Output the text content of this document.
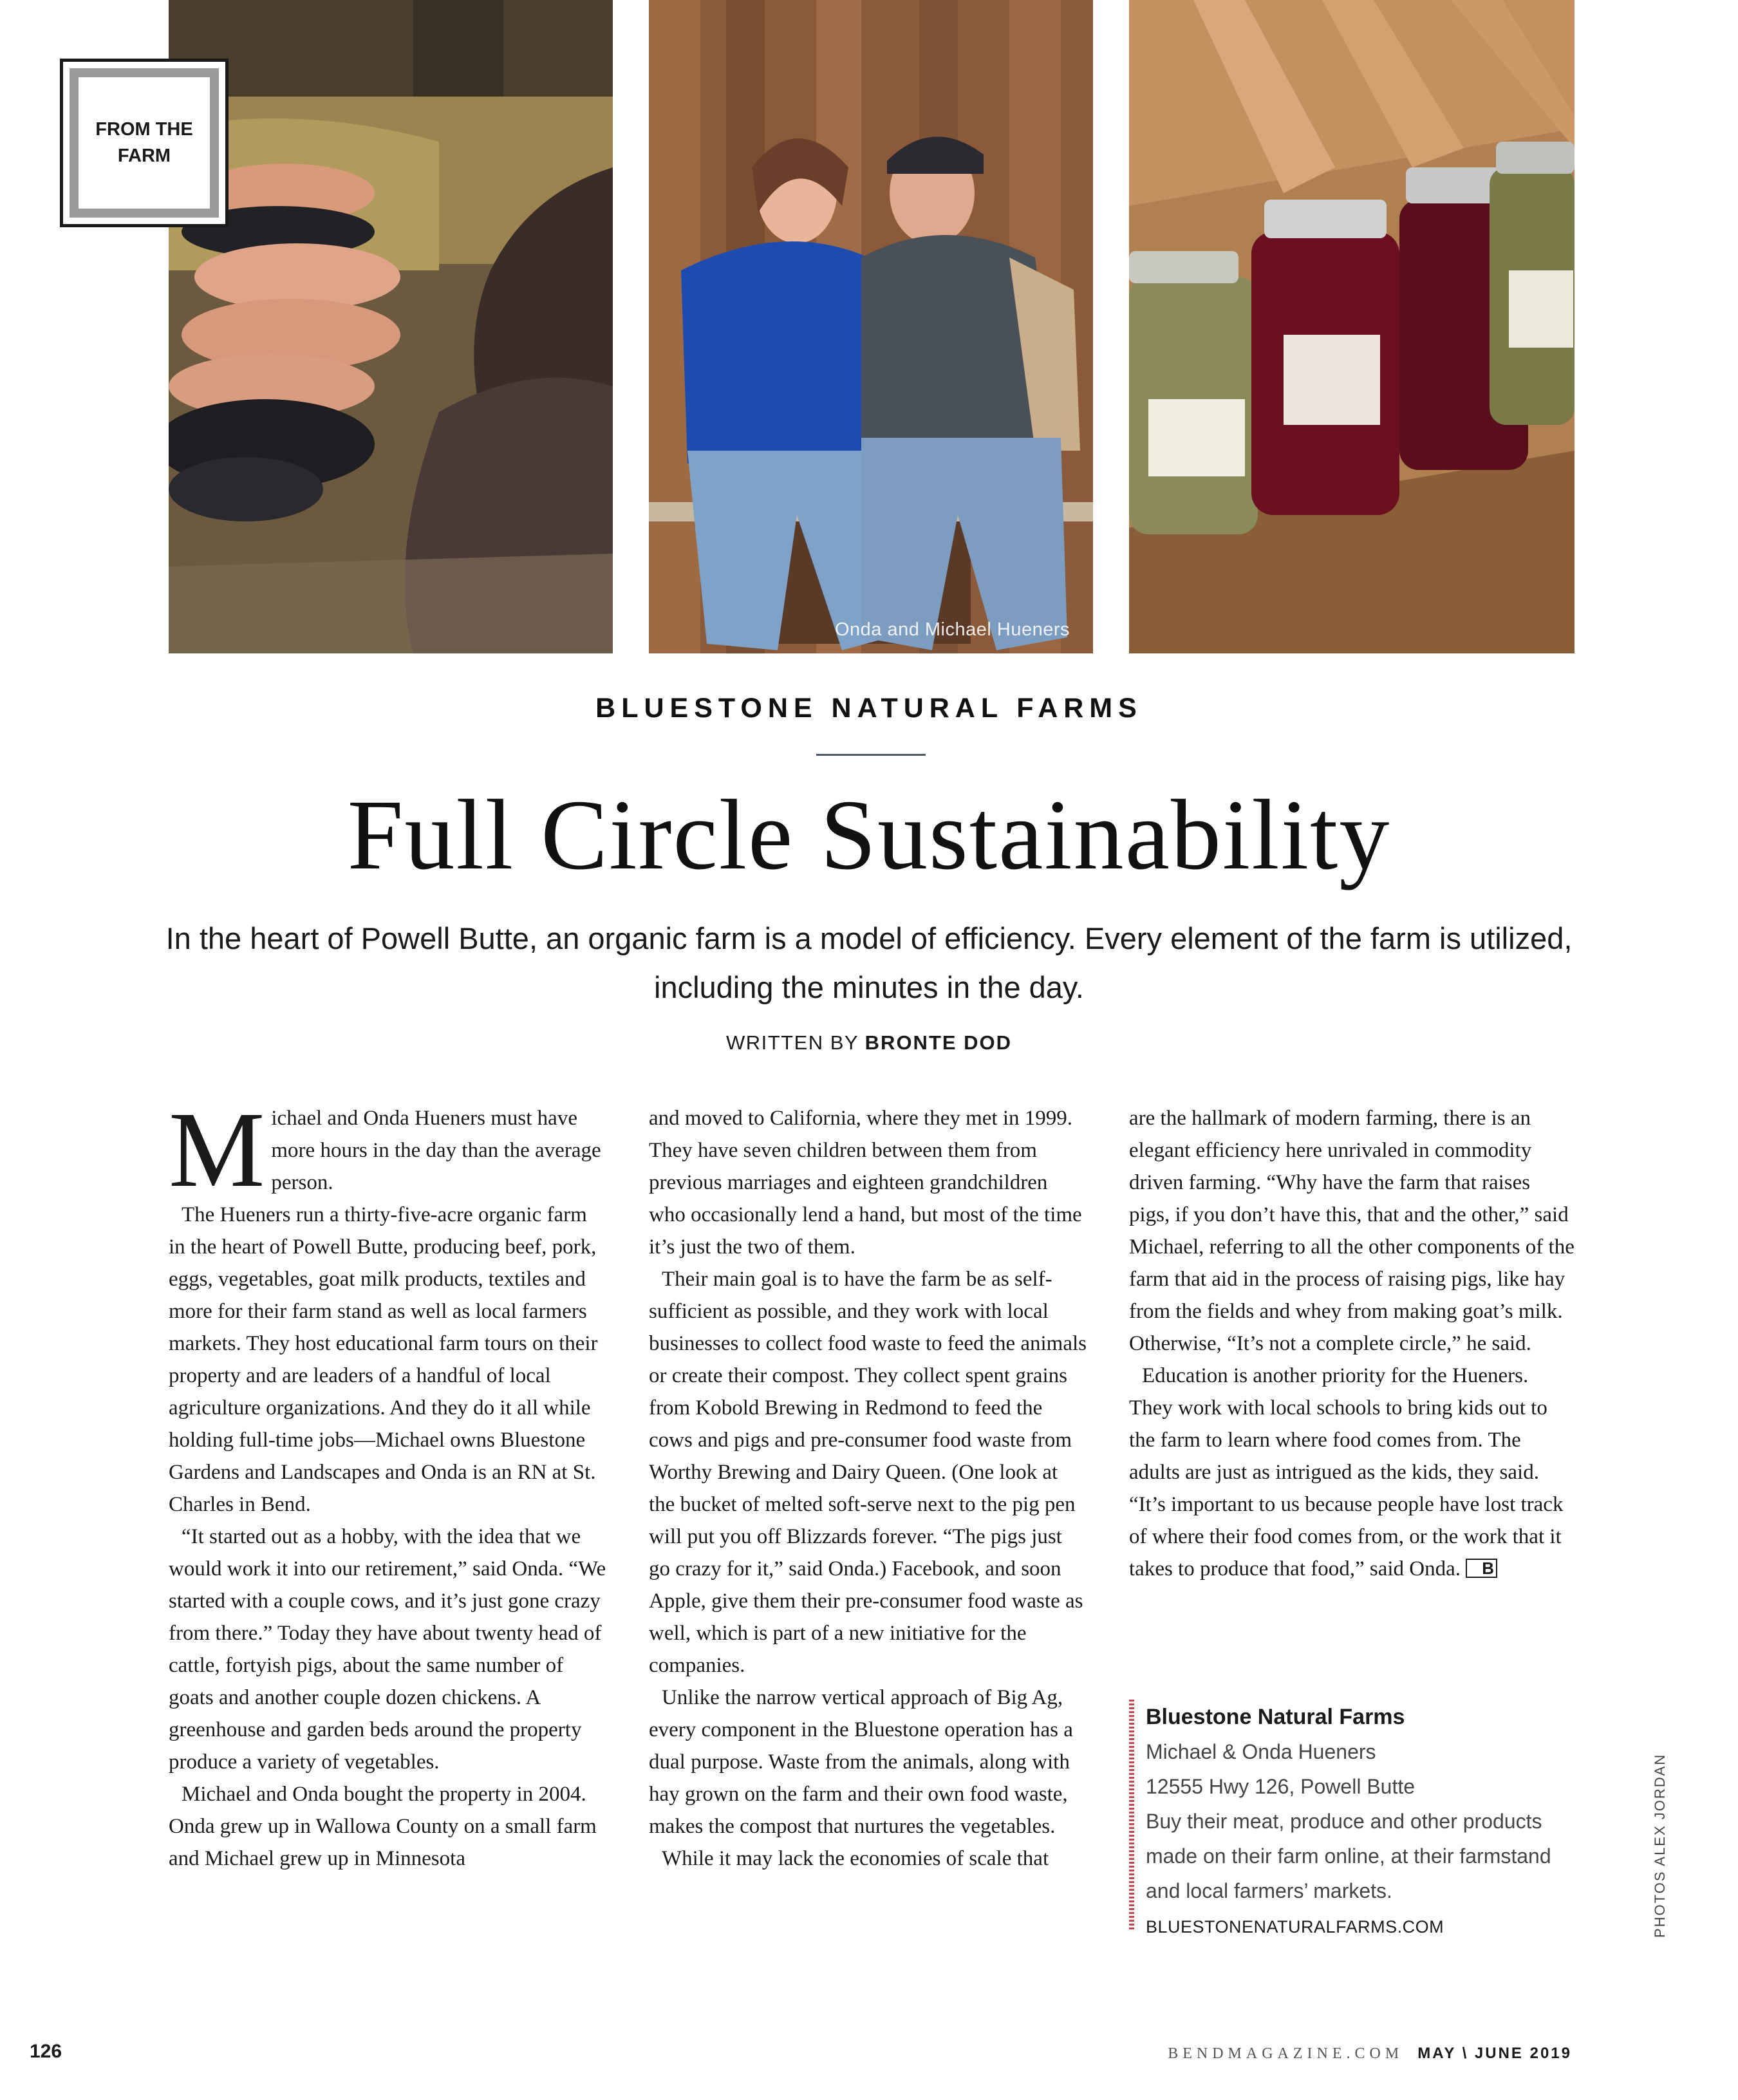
Onda and Michael Hueners
FROM THE
FARM
BLUESTONE NATURAL FARMS
Full Circle Sustainability
In the heart of Powell Butte, an organic farm is a model of efficiency. Every element of the farm is utilized, including the minutes in the day.
WRITTEN BY BRONTE DOD

Michael and Onda Hueners must have more hours in the day than the average person.

The Hueners run a thirty-five-acre organic farm in the heart of Powell Butte, producing beef, pork, eggs, vegetables, goat milk products, textiles and more for their farm stand as well as local farmers markets. They host educational farm tours on their property and are leaders of a handful of local agriculture organizations. And they do it all while holding full-time jobs—Michael owns Bluestone Gardens and Landscapes and Onda is an RN at St. Charles in Bend.

“It started out as a hobby, with the idea that we would work it into our retirement,” said Onda. “We started with a couple cows, and it’s just gone crazy from there.” Today they have about twenty head of cattle, fortyish pigs, about the same number of goats and another couple dozen chickens. A greenhouse and garden beds around the property produce a variety of vegetables.

Michael and Onda bought the property in 2004. Onda grew up in Wallowa County on a small farm and Michael grew up in Minnesota

and moved to California, where they met in 1999. They have seven children between them from previous marriages and eighteen grandchildren who occasionally lend a hand, but most of the time it’s just the two of them.

Their main goal is to have the farm be as self-sufficient as possible, and they work with local businesses to collect food waste to feed the animals or create their compost. They collect spent grains from Kobold Brewing in Redmond to feed the cows and pigs and pre-consumer food waste from Worthy Brewing and Dairy Queen. (One look at the bucket of melted soft-serve next to the pig pen will put you off Blizzards forever. “The pigs just go crazy for it,” said Onda.) Facebook, and soon Apple, give them their pre-consumer food waste as well, which is part of a new initiative for the companies.

Unlike the narrow vertical approach of Big Ag, every component in the Bluestone operation has a dual purpose. Waste from the animals, along with hay grown on the farm and their own food waste, makes the compost that nurtures the vegetables.

While it may lack the economies of scale that

are the hallmark of modern farming, there is an elegant efficiency here unrivaled in commodity driven farming. “Why have the farm that raises pigs, if you don’t have this, that and the other,” said Michael, referring to all the other components of the farm that aid in the process of raising pigs, like hay from the fields and whey from making goat’s milk. Otherwise, “It’s not a complete circle,” he said.

Education is another priority for the Hueners. They work with local schools to bring kids out to the farm to learn where food comes from. The adults are just as intrigued as the kids, they said. “It’s important to us because people have lost track of where their food comes from, or the work that it takes to produce that food,” said Onda. B

Bluestone Natural Farms
Michael & Onda Hueners
12555 Hwy 126, Powell Butte
Buy their meat, produce and other products
made on their farm online, at their farmstand
and local farmers’ markets.
BLUESTONENATURALFARMS.COM	PHOTOS ALEX JORDAN
126	BENDMAGAZINE.COM MAY \ JUNE 2019
